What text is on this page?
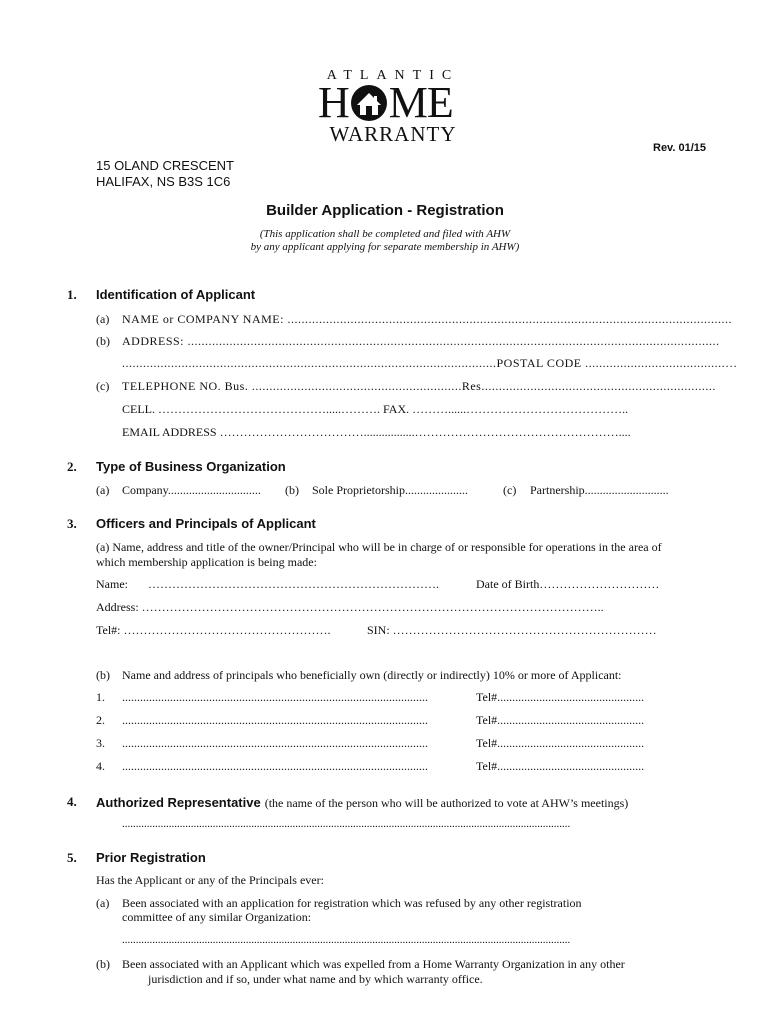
ATLANTIC
H ME
WARRANTY
Rev. 01/15
15 OLAND CRESCENT
HALIFAX, NS B3S 1C6
Builder Application - Registration
(This application shall be completed and filed with AHW
by any applicant applying for separate membership in AHW)
1. Identification of Applicant
(a) NAME or COMPANY NAME: ...............................................................................................................................
(b) ADDRESS: ........................................................................................................................................................
...........................................................................................................POSTAL CODE ........................................…
(c) TELEPHONE NO. Bus. ............................................................Res...................................................................
CELL. …………………………………….....………. FAX. ………......…………………………………..
EMAIL ADDRESS ……………………………….................……………………………………………....
2. Type of Business Organization
(a) Company............................... (b) Sole Proprietorship.....................	(c) Partnership............................
3. Officers and Principals of Applicant
(a) Name, address and title of the owner/Principal who will be in charge of or responsible for operations in the area of
which membership application is being made:
Name: ……………………………………………………………….	Date of Birth…………………………
Address: ……………………………………………………………………………………………………..
Tel#: …………………………………………….	SIN: …………………………………………………………
(b) Name and address of principals who beneficially own (directly or indirectly) 10% or more of Applicant:
1. ......................................................................................................	Tel#.................................................
2. ......................................................................................................	Tel#.................................................
3. ......................................................................................................	Tel#.................................................
4. ......................................................................................................	Tel#.................................................
4. Authorized Representative (the name of the person who will be authorized to vote at AHW’s meetings)
...................................................................................................................................................................
5. Prior Registration
Has the Applicant or any of the Principals ever:
(a) Been associated with an application for registration which was refused by any other registration
committee of any similar Organization:
...................................................................................................................................................................
(b) Been associated with an Applicant which was expelled from a Home Warranty Organization in any other
jurisdiction and if so, under what name and by which warranty office.
